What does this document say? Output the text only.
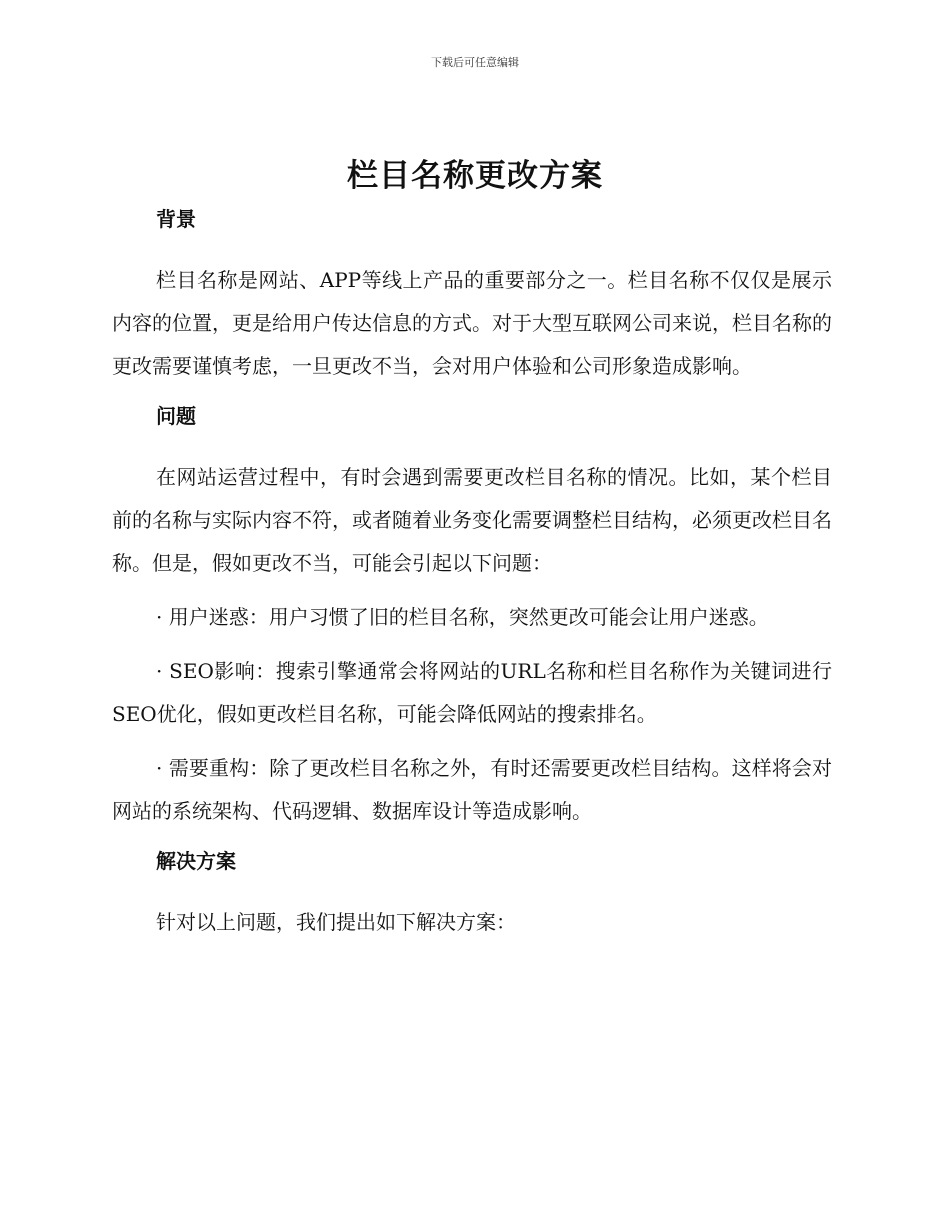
下载后可任意编辑
栏目名称更改方案
背景

栏目名称是网站、APP等线上产品的重要部分之一。栏目名称不仅仅是展示内容的位置，更是给用户传达信息的方式。对于大型互联网公司来说，栏目名称的更改需要谨慎考虑，一旦更改不当，会对用户体验和公司形象造成影响。

问题

在网站运营过程中，有时会遇到需要更改栏目名称的情况。比如，某个栏目前的名称与实际内容不符，或者随着业务变化需要调整栏目结构，必须更改栏目名称。但是，假如更改不当，可能会引起以下问题：

· 用户迷惑：用户习惯了旧的栏目名称，突然更改可能会让用户迷惑。

· SEO影响：搜索引擎通常会将网站的URL名称和栏目名称作为关键词进行SEO优化，假如更改栏目名称，可能会降低网站的搜索排名。

· 需要重构：除了更改栏目名称之外，有时还需要更改栏目结构。这样将会对网站的系统架构、代码逻辑、数据库设计等造成影响。

解决方案

针对以上问题，我们提出如下解决方案：
